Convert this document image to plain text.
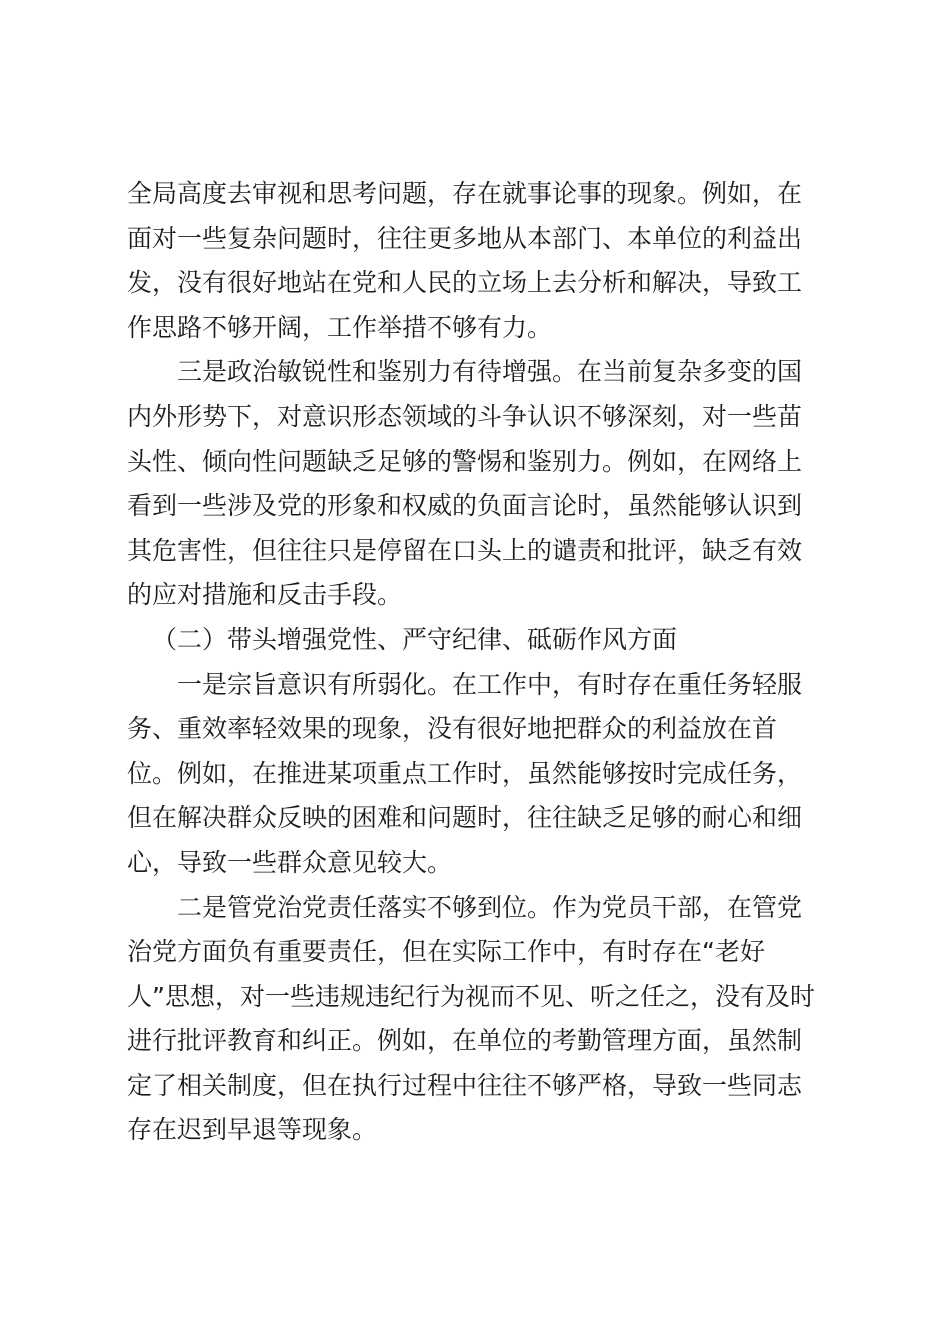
全局高度去审视和思考问题，存在就事论事的现象。例如，在
面对一些复杂问题时，往往更多地从本部门、本单位的利益出
发，没有很好地站在党和人民的立场上去分析和解决，导致工
作思路不够开阔，工作举措不够有力。
三是政治敏锐性和鉴别力有待增强。在当前复杂多变的国
内外形势下，对意识形态领域的斗争认识不够深刻，对一些苗
头性、倾向性问题缺乏足够的警惕和鉴别力。例如，在网络上
看到一些涉及党的形象和权威的负面言论时，虽然能够认识到
其危害性，但往往只是停留在口头上的谴责和批评，缺乏有效
的应对措施和反击手段。
（二）带头增强党性、严守纪律、砥砺作风方面
一是宗旨意识有所弱化。在工作中，有时存在重任务轻服
务、重效率轻效果的现象，没有很好地把群众的利益放在首
位。例如，在推进某项重点工作时，虽然能够按时完成任务，
但在解决群众反映的困难和问题时，往往缺乏足够的耐心和细
心，导致一些群众意见较大。
二是管党治党责任落实不够到位。作为党员干部，在管党
治党方面负有重要责任，但在实际工作中，有时存在“老好
人”思想，对一些违规违纪行为视而不见、听之任之，没有及时
进行批评教育和纠正。例如，在单位的考勤管理方面，虽然制
定了相关制度，但在执行过程中往往不够严格，导致一些同志
存在迟到早退等现象。
